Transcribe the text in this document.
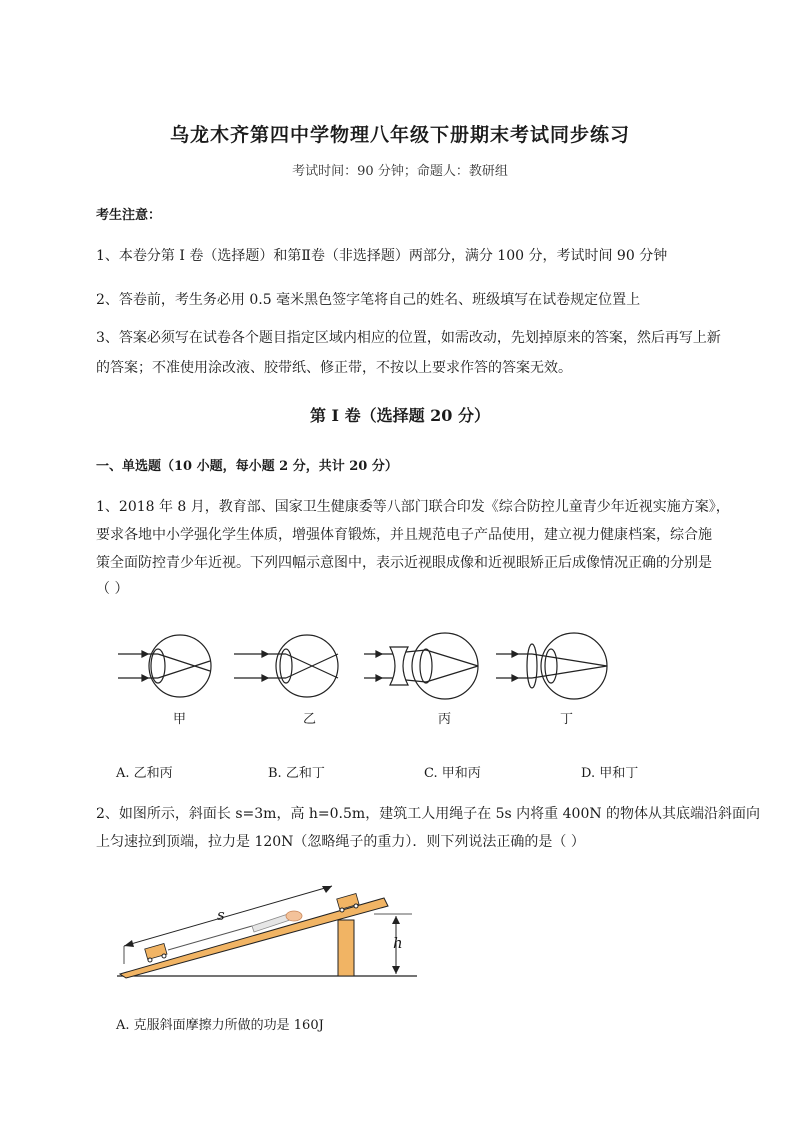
乌龙木齐第四中学物理八年级下册期末考试同步练习
考试时间：90 分钟；命题人：教研组
考生注意：
1、本卷分第 I 卷（选择题）和第Ⅱ卷（非选择题）两部分，满分 100 分，考试时间 90 分钟
2、答卷前，考生务必用 0.5 毫米黑色签字笔将自己的姓名、班级填写在试卷规定位置上
3、答案必须写在试卷各个题目指定区域内相应的位置，如需改动，先划掉原来的答案，然后再写上新
的答案；不准使用涂改液、胶带纸、修正带，不按以上要求作答的答案无效。
第 I 卷（选择题 20 分）
一、单选题（10 小题，每小题 2 分，共计 20 分）
1、2018 年 8 月，教育部、国家卫生健康委等八部门联合印发《综合防控儿童青少年近视实施方案》，
要求各地中小学强化学生体质，增强体育锻炼，并且规范电子产品使用，建立视力健康档案，综合施
策全面防控青少年近视。下列四幅示意图中，表示近视眼成像和近视眼矫正后成像情况正确的分别是
（ ）
甲	乙	丙	丁
A. 乙和丙	B. 乙和丁	C. 甲和丙	D. 甲和丁
2、如图所示，斜面长 s=3m，高 h=0.5m，建筑工人用绳子在 5s 内将重 400N 的物体从其底端沿斜面向
上匀速拉到顶端，拉力是 120N（忽略绳子的重力）．则下列说法正确的是（ ）
s
h
A. 克服斜面摩擦力所做的功是 160J
